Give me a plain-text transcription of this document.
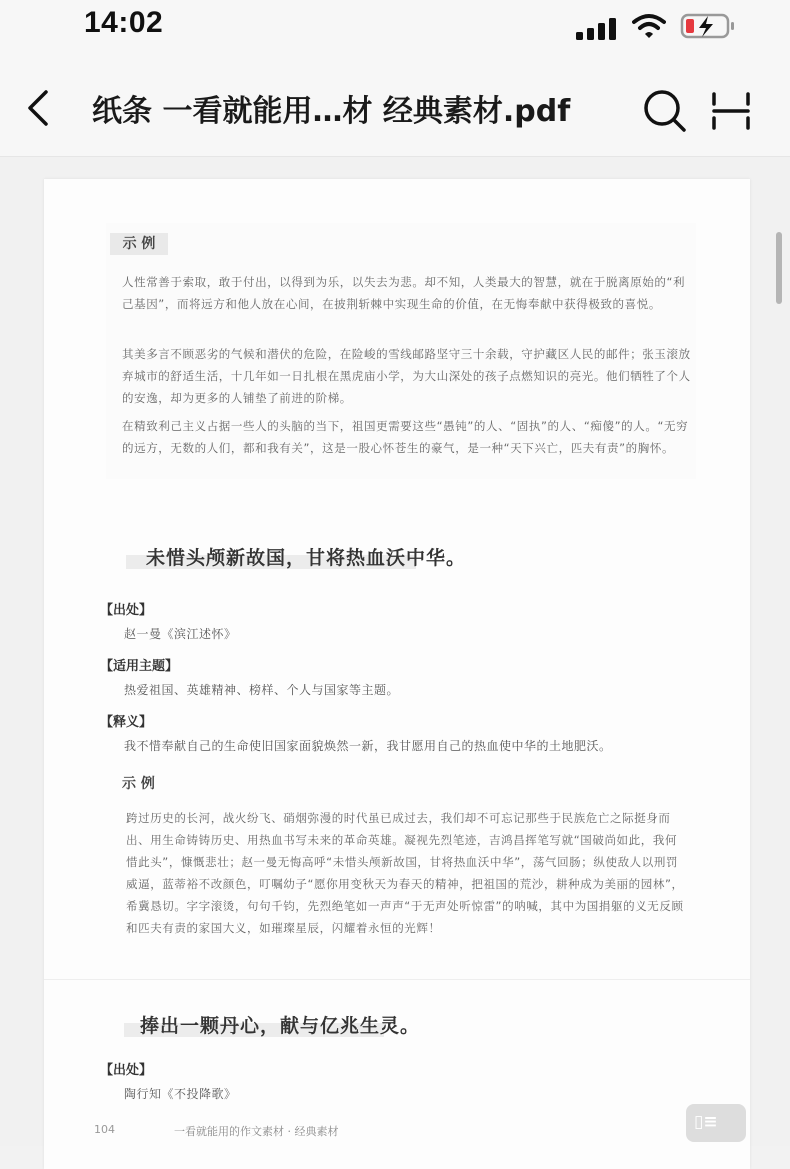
14:02
纸条 一看就能用…材 经典素材.pdf
示 例
人性常善于索取，敢于付出，以得到为乐，以失去为悲。却不知，人类最大的智慧，就在于脱离原始的“利己基因”，而将远方和他人放在心间，在披荆斩棘中实现生命的价值，在无悔奉献中获得极致的喜悦。
其美多言不顾恶劣的气候和潜伏的危险，在险峻的雪线邮路坚守三十余载，守护藏区人民的邮件；张玉滚放弃城市的舒适生活，十几年如一日扎根在黑虎庙小学，为大山深处的孩子点燃知识的亮光。他们牺牲了个人的安逸，却为更多的人铺垫了前进的阶梯。
在精致利己主义占据一些人的头脑的当下，祖国更需要这些“愚钝”的人、“固执”的人、“痴傻”的人。“无穷的远方，无数的人们，都和我有关”，这是一股心怀苍生的豪气，是一种“天下兴亡，匹夫有责”的胸怀。
未惜头颅新故国，甘将热血沃中华。
【出处】
赵一曼《滨江述怀》
【适用主题】
热爱祖国、英雄精神、榜样、个人与国家等主题。
【释义】
我不惜奉献自己的生命使旧国家面貌焕然一新，我甘愿用自己的热血使中华的土地肥沃。
示 例
跨过历史的长河，战火纷飞、硝烟弥漫的时代虽已成过去，我们却不可忘记那些于民族危亡之际挺身而出、用生命铸铸历史、用热血书写未来的革命英雄。凝视先烈笔迹，吉鸿昌挥笔写就“国破尚如此，我何惜此头”，慷慨悲壮；赵一曼无悔高呼“未惜头颅新故国，甘将热血沃中华”，荡气回肠；纵使敌人以刑罚威逼，蓝蒂裕不改颜色，叮嘱幼子“愿你用变秋天为春天的精神，把祖国的荒沙，耕种成为美丽的园林”，希冀恳切。字字滚烫，句句千钧，先烈绝笔如一声声“于无声处听惊雷”的呐喊，其中为国捐躯的义无反顾和匹夫有责的家国大义，如璀璨星辰，闪耀着永恒的光辉！
捧出一颗丹心，献与亿兆生灵。
【出处】
陶行知《不投降歌》
104	一看就能用的作文素材 · 经典素材	▯≡
